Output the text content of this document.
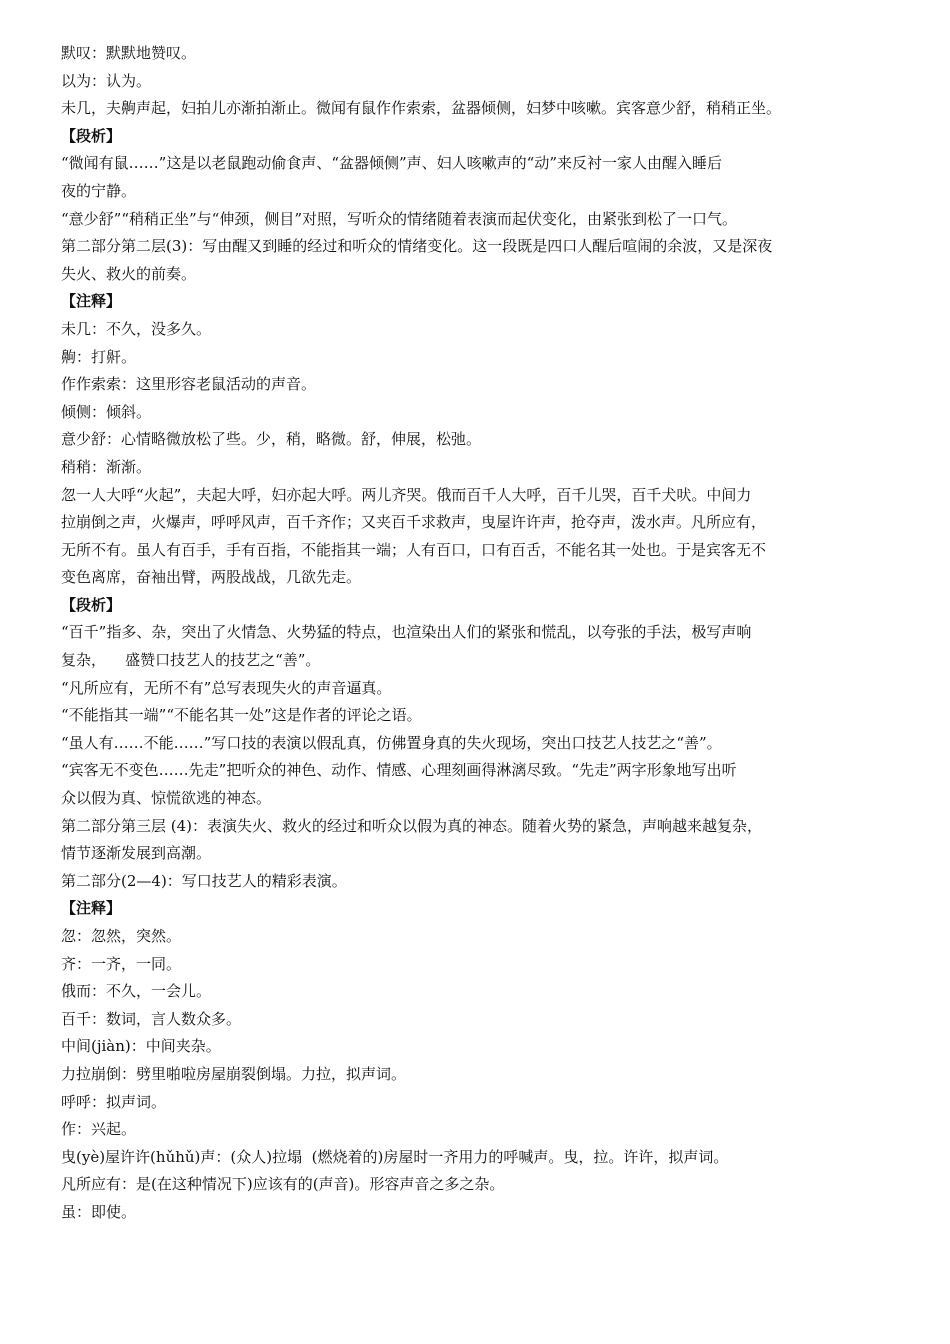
默叹：默默地赞叹。

以为：认为。

未几，夫齁声起，妇拍儿亦渐拍渐止。微闻有鼠作作索索，盆器倾侧，妇梦中咳嗽。宾客意少舒，稍稍正坐。

【段析】

“微闻有鼠……”这是以老鼠跑动偷食声、“盆器倾侧”声、妇人咳嗽声的“动”来反衬一家人由醒入睡后

夜的宁静。

“意少舒”“稍稍正坐”与“伸颈，侧目”对照，写听众的情绪随着表演而起伏变化，由紧张到松了一口气。

第二部分第二层(3)：写由醒又到睡的经过和听众的情绪变化。这一段既是四口人醒后喧闹的余波，又是深夜

失火、救火的前奏。

【注释】

未几：不久，没多久。

齁：打鼾。

作作索索：这里形容老鼠活动的声音。

倾侧：倾斜。

意少舒：心情略微放松了些。少，稍，略微。舒，伸展，松弛。

稍稍：渐渐。

忽一人大呼“火起”，夫起大呼，妇亦起大呼。两儿齐哭。俄而百千人大呼，百千儿哭，百千犬吠。中间力

拉崩倒之声，火爆声，呼呼风声，百千齐作；又夹百千求救声，曳屋许许声，抢夺声，泼水声。凡所应有，

无所不有。虽人有百手，手有百指，不能指其一端；人有百口，口有百舌，不能名其一处也。于是宾客无不

变色离席，奋袖出臂，两股战战，几欲先走。

【段析】

“百千”指多、杂，突出了火情急、火势猛的特点，也渲染出人们的紧张和慌乱，以夸张的手法，极写声响

复杂，    盛赞口技艺人的技艺之“善”。

“凡所应有，无所不有”总写表现失火的声音逼真。

“不能指其一端”“不能名其一处”这是作者的评论之语。

“虽人有……不能……”写口技的表演以假乱真，仿佛置身真的失火现场，突出口技艺人技艺之“善”。

“宾客无不变色……先走”把听众的神色、动作、情感、心理刻画得淋漓尽致。“先走”两字形象地写出听

众以假为真、惊慌欲逃的神态。

第二部分第三层 (4)：表演失火、救火的经过和听众以假为真的神态。随着火势的紧急，声响越来越复杂，

情节逐渐发展到高潮。

第二部分(2—4)：写口技艺人的精彩表演。

【注释】

忽：忽然，突然。

齐：一齐，一同。

俄而：不久，一会儿。

百千：数词，言人数众多。

中间(jiàn)：中间夹杂。

力拉崩倒：劈里啪啦房屋崩裂倒塌。力拉，拟声词。

呼呼：拟声词。

作：兴起。

曳(yè)屋许许(hǔhǔ)声：(众人)拉塌  (燃烧着的)房屋时一齐用力的呼喊声。曳，拉。许许，拟声词。

凡所应有：是(在这种情况下)应该有的(声音)。形容声音之多之杂。

虽：即使。
